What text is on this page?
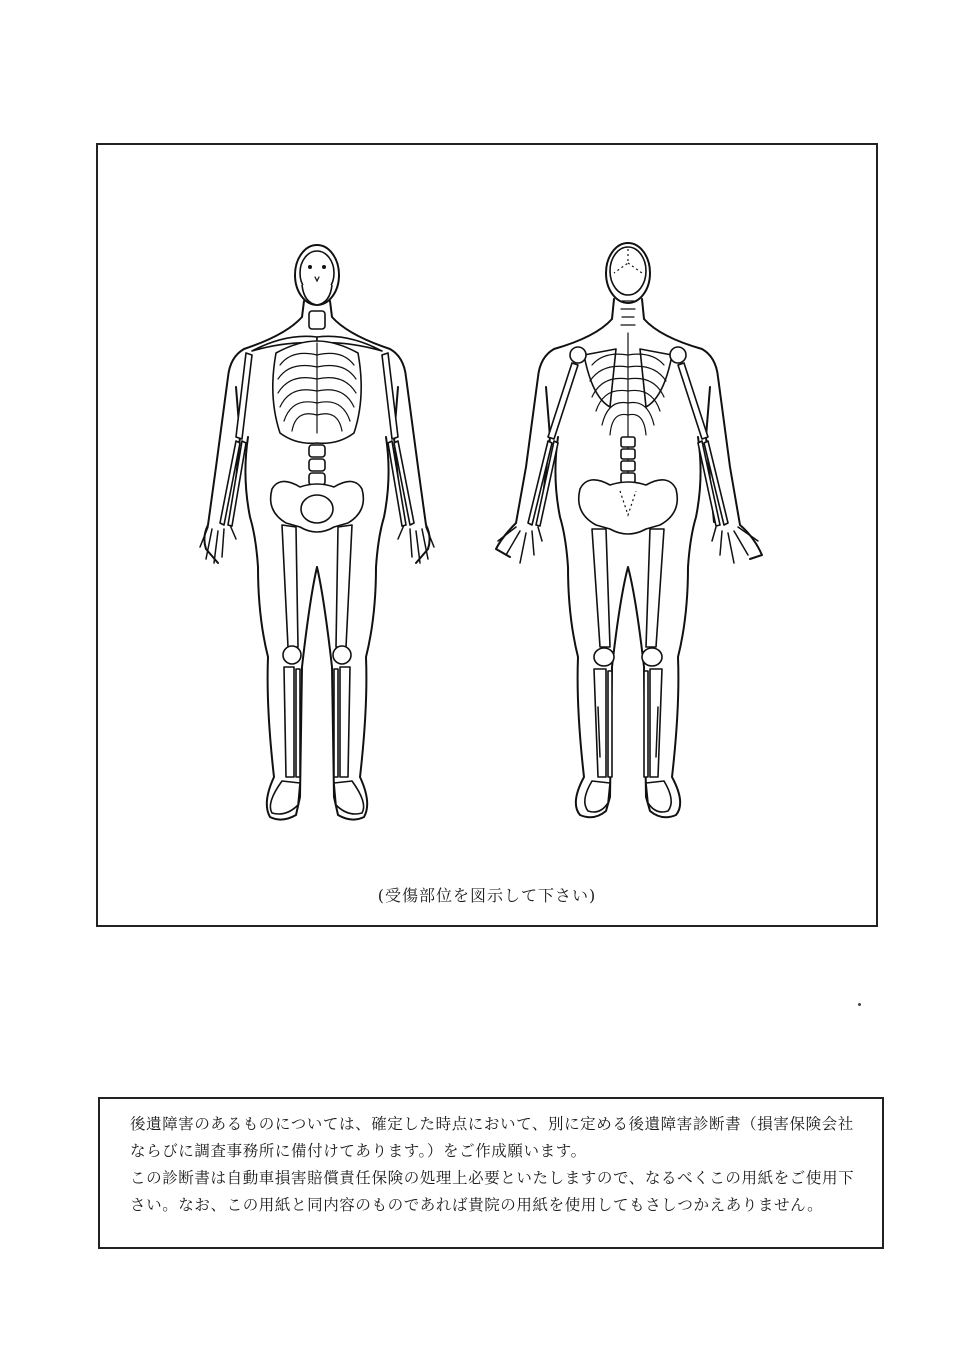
(受傷部位を図示して下さい)

後遺障害のあるものについては、確定した時点において、別に定める後遺障害診断書（損害保険会社ならびに調査事務所に備付けてあります。）をご作成願います。

この診断書は自動車損害賠償責任保険の処理上必要といたしますので、なるべくこの用紙をご使用下さい。なお、この用紙と同内容のものであれば貴院の用紙を使用してもさしつかえありません。
